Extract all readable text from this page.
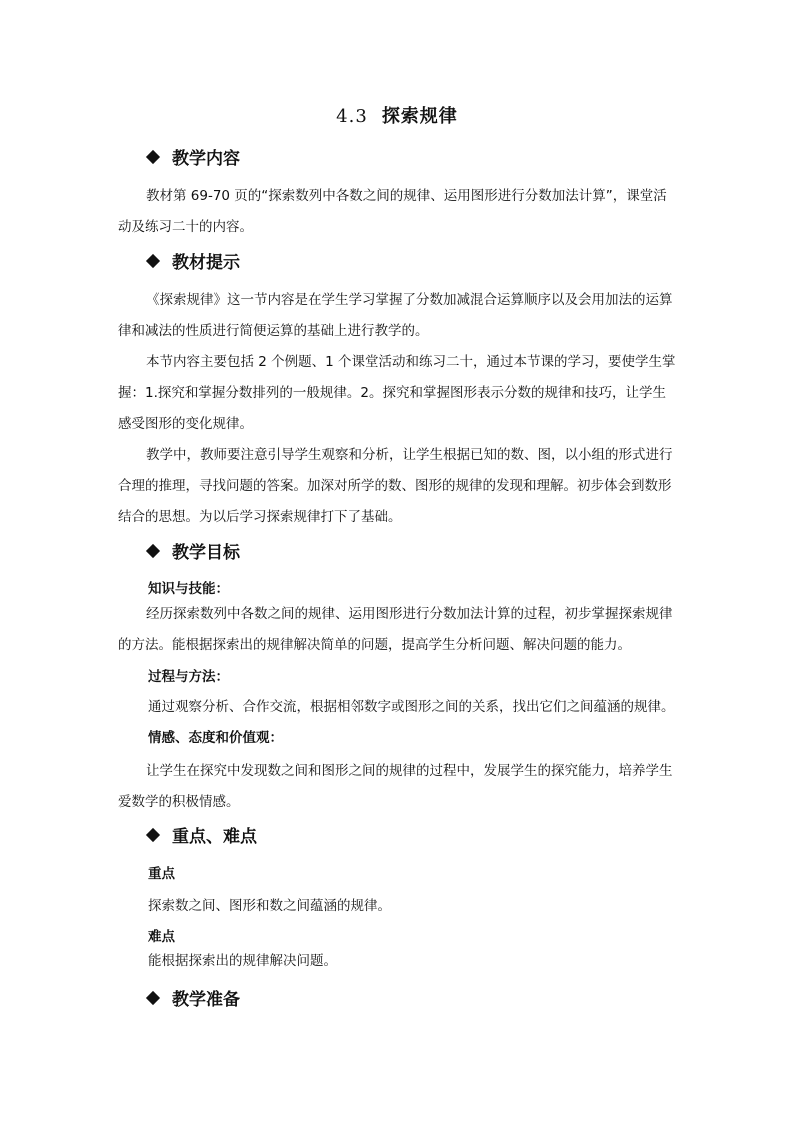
4.3 探索规律
教学内容
教材第 69-70 页的“探索数列中各数之间的规律、运用图形进行分数加法计算”，课堂活动及练习二十的内容。
教材提示
《探索规律》这一节内容是在学生学习掌握了分数加减混合运算顺序以及会用加法的运算律和减法的性质进行简便运算的基础上进行教学的。
本节内容主要包括 2 个例题、1 个课堂活动和练习二十，通过本节课的学习，要使学生掌握：1.探究和掌握分数排列的一般规律。2。探究和掌握图形表示分数的规律和技巧，让学生感受图形的变化规律。
教学中，教师要注意引导学生观察和分析，让学生根据已知的数、图，以小组的形式进行合理的推理，寻找问题的答案。加深对所学的数、图形的规律的发现和理解。初步体会到数形结合的思想。为以后学习探索规律打下了基础。
教学目标
知识与技能：
经历探索数列中各数之间的规律、运用图形进行分数加法计算的过程，初步掌握探索规律的方法。能根据探索出的规律解决简单的问题，提高学生分析问题、解决问题的能力。
过程与方法：
通过观察分析、合作交流，根据相邻数字或图形之间的关系，找出它们之间蕴涵的规律。
情感、态度和价值观：
让学生在探究中发现数之间和图形之间的规律的过程中，发展学生的探究能力，培养学生爱数学的积极情感。
重点、难点
重点
探索数之间、图形和数之间蕴涵的规律。
难点
能根据探索出的规律解决问题。
教学准备
